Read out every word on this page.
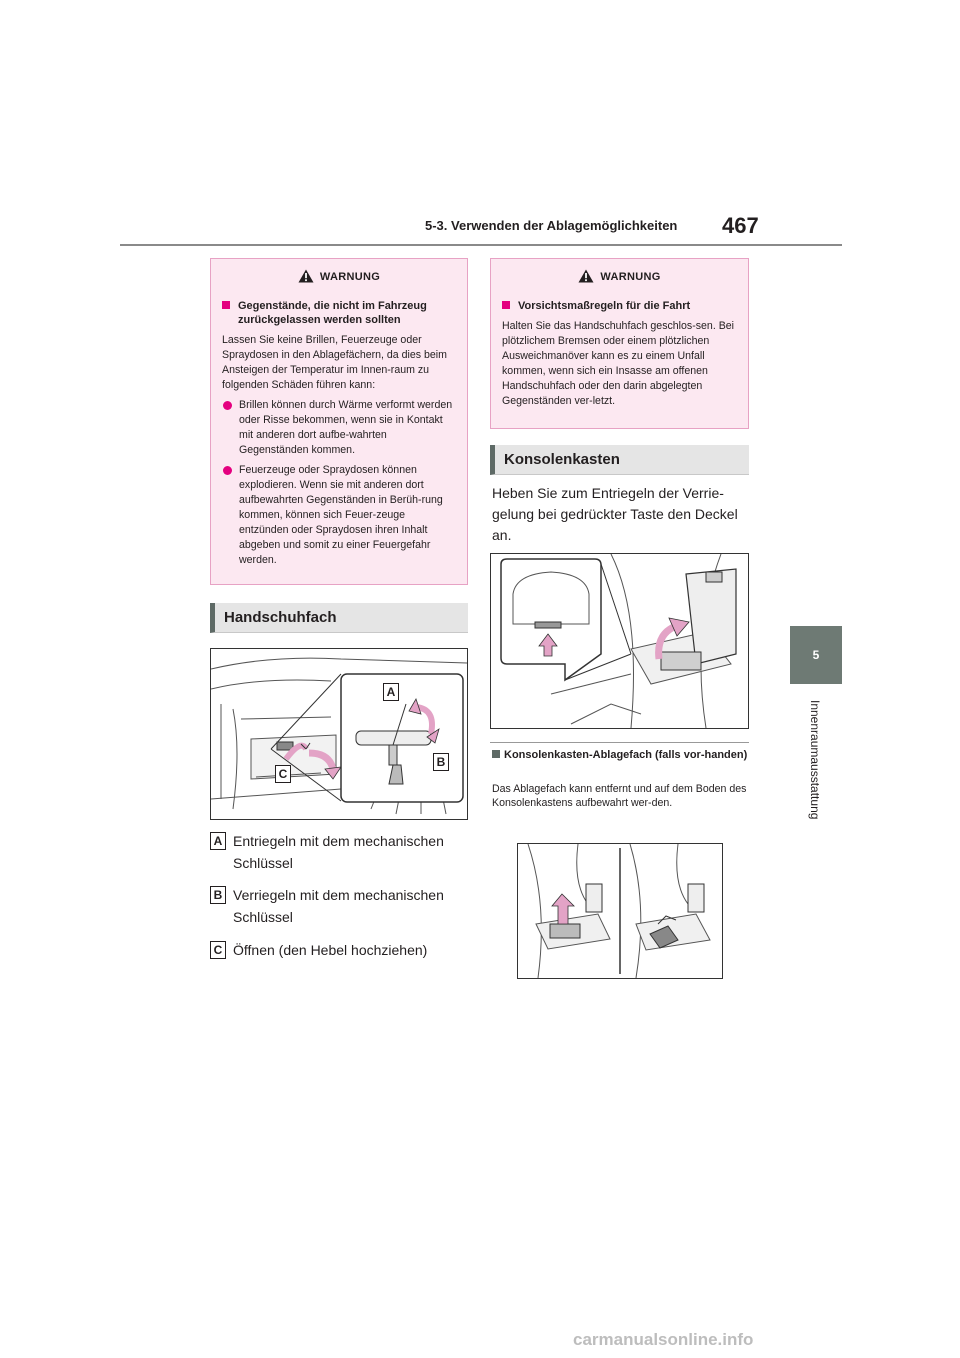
5-3. Verwenden der Ablagemöglichkeiten 467
5
Innenraumausstattung
WARNUNG
Gegenstände, die nicht im Fahrzeug zurückgelassen werden sollten
Lassen Sie keine Brillen, Feuerzeuge oder Spraydosen in den Ablagefächern, da dies beim Ansteigen der Temperatur im Innen-raum zu folgenden Schäden führen kann:
Brillen können durch Wärme verformt werden oder Risse bekommen, wenn sie in Kontakt mit anderen dort aufbe-wahrten Gegenständen kommen.
Feuerzeuge oder Spraydosen können explodieren. Wenn sie mit anderen dort aufbewahrten Gegenständen in Berüh-rung kommen, können sich Feuer-zeuge entzünden oder Spraydosen ihren Inhalt abgeben und somit zu einer Feuergefahr werden.
WARNUNG
Vorsichtsmaßregeln für die Fahrt
Halten Sie das Handschuhfach geschlos-sen. Bei plötzlichem Bremsen oder einem plötzlichen Ausweichmanöver kann es zu einem Unfall kommen, wenn sich ein Insasse am offenen Handschuhfach oder den darin abgelegten Gegenständen ver-letzt.
Handschuhfach
A
B
C
A Entriegeln mit dem mechanischen Schlüssel
B Verriegeln mit dem mechanischen Schlüssel
C Öffnen (den Hebel hochziehen)
Konsolenkasten
Heben Sie zum Entriegeln der Verrie-gelung bei gedrückter Taste den Deckel an.
Konsolenkasten-Ablagefach (falls vor-handen)
Das Ablagefach kann entfernt und auf dem Boden des Konsolenkastens aufbewahrt wer-den.
carmanualsonline.info
